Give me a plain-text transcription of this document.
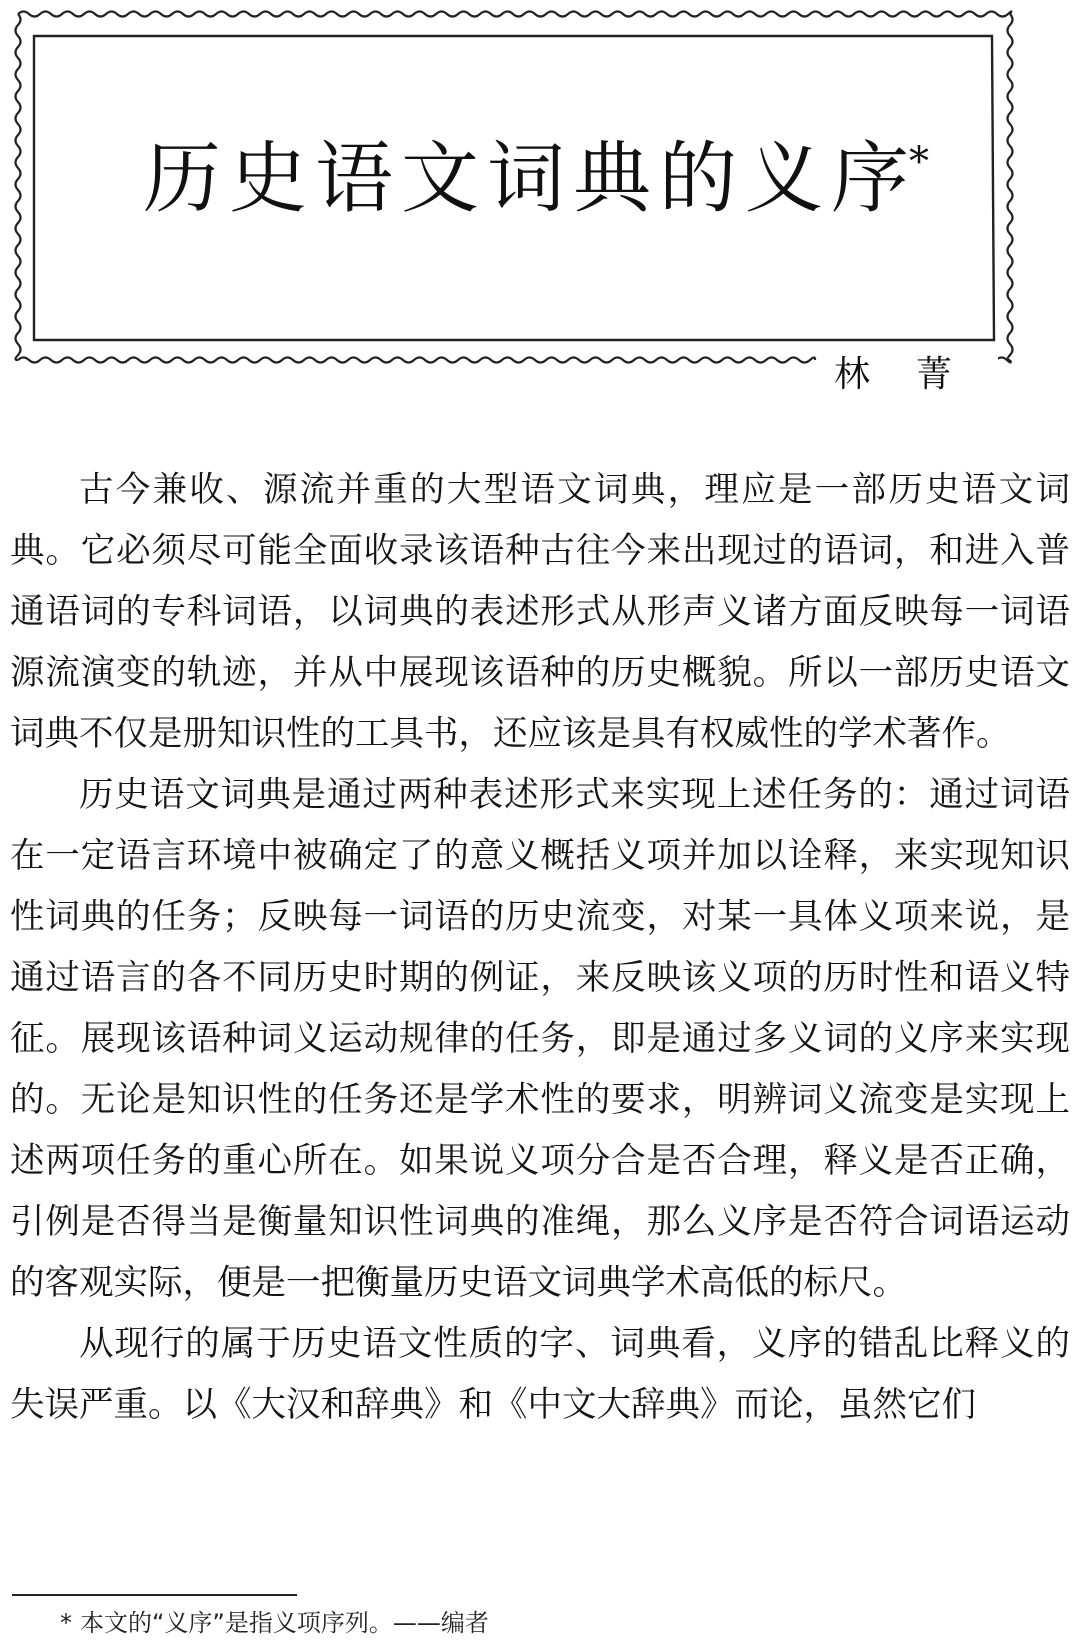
历史语文词典的义序*
林菁

古今兼收、源流并重的大型语文词典，理应是一部历史语文词典。它必须尽可能全面收录该语种古往今来出现过的语词，和进入普通语词的专科词语，以词典的表述形式从形声义诸方面反映每一词语源流演变的轨迹，并从中展现该语种的历史概貌。所以一部历史语文词典不仅是册知识性的工具书，还应该是具有权威性的学术著作。

历史语文词典是通过两种表述形式来实现上述任务的：通过词语在一定语言环境中被确定了的意义概括义项并加以诠释，来实现知识性词典的任务；反映每一词语的历史流变，对某一具体义项来说，是通过语言的各不同历史时期的例证，来反映该义项的历时性和语义特征。展现该语种词义运动规律的任务，即是通过多义词的义序来实现的。无论是知识性的任务还是学术性的要求，明辨词义流变是实现上述两项任务的重心所在。如果说义项分合是否合理，释义是否正确，引例是否得当是衡量知识性词典的准绳，那么义序是否符合词语运动的客观实际，便是一把衡量历史语文词典学术高低的标尺。

从现行的属于历史语文性质的字、词典看，义序的错乱比释义的失误严重。以《大汉和辞典》和《中文大辞典》而论，虽然它们

* 本文的“义序”是指义项序列。——编者
